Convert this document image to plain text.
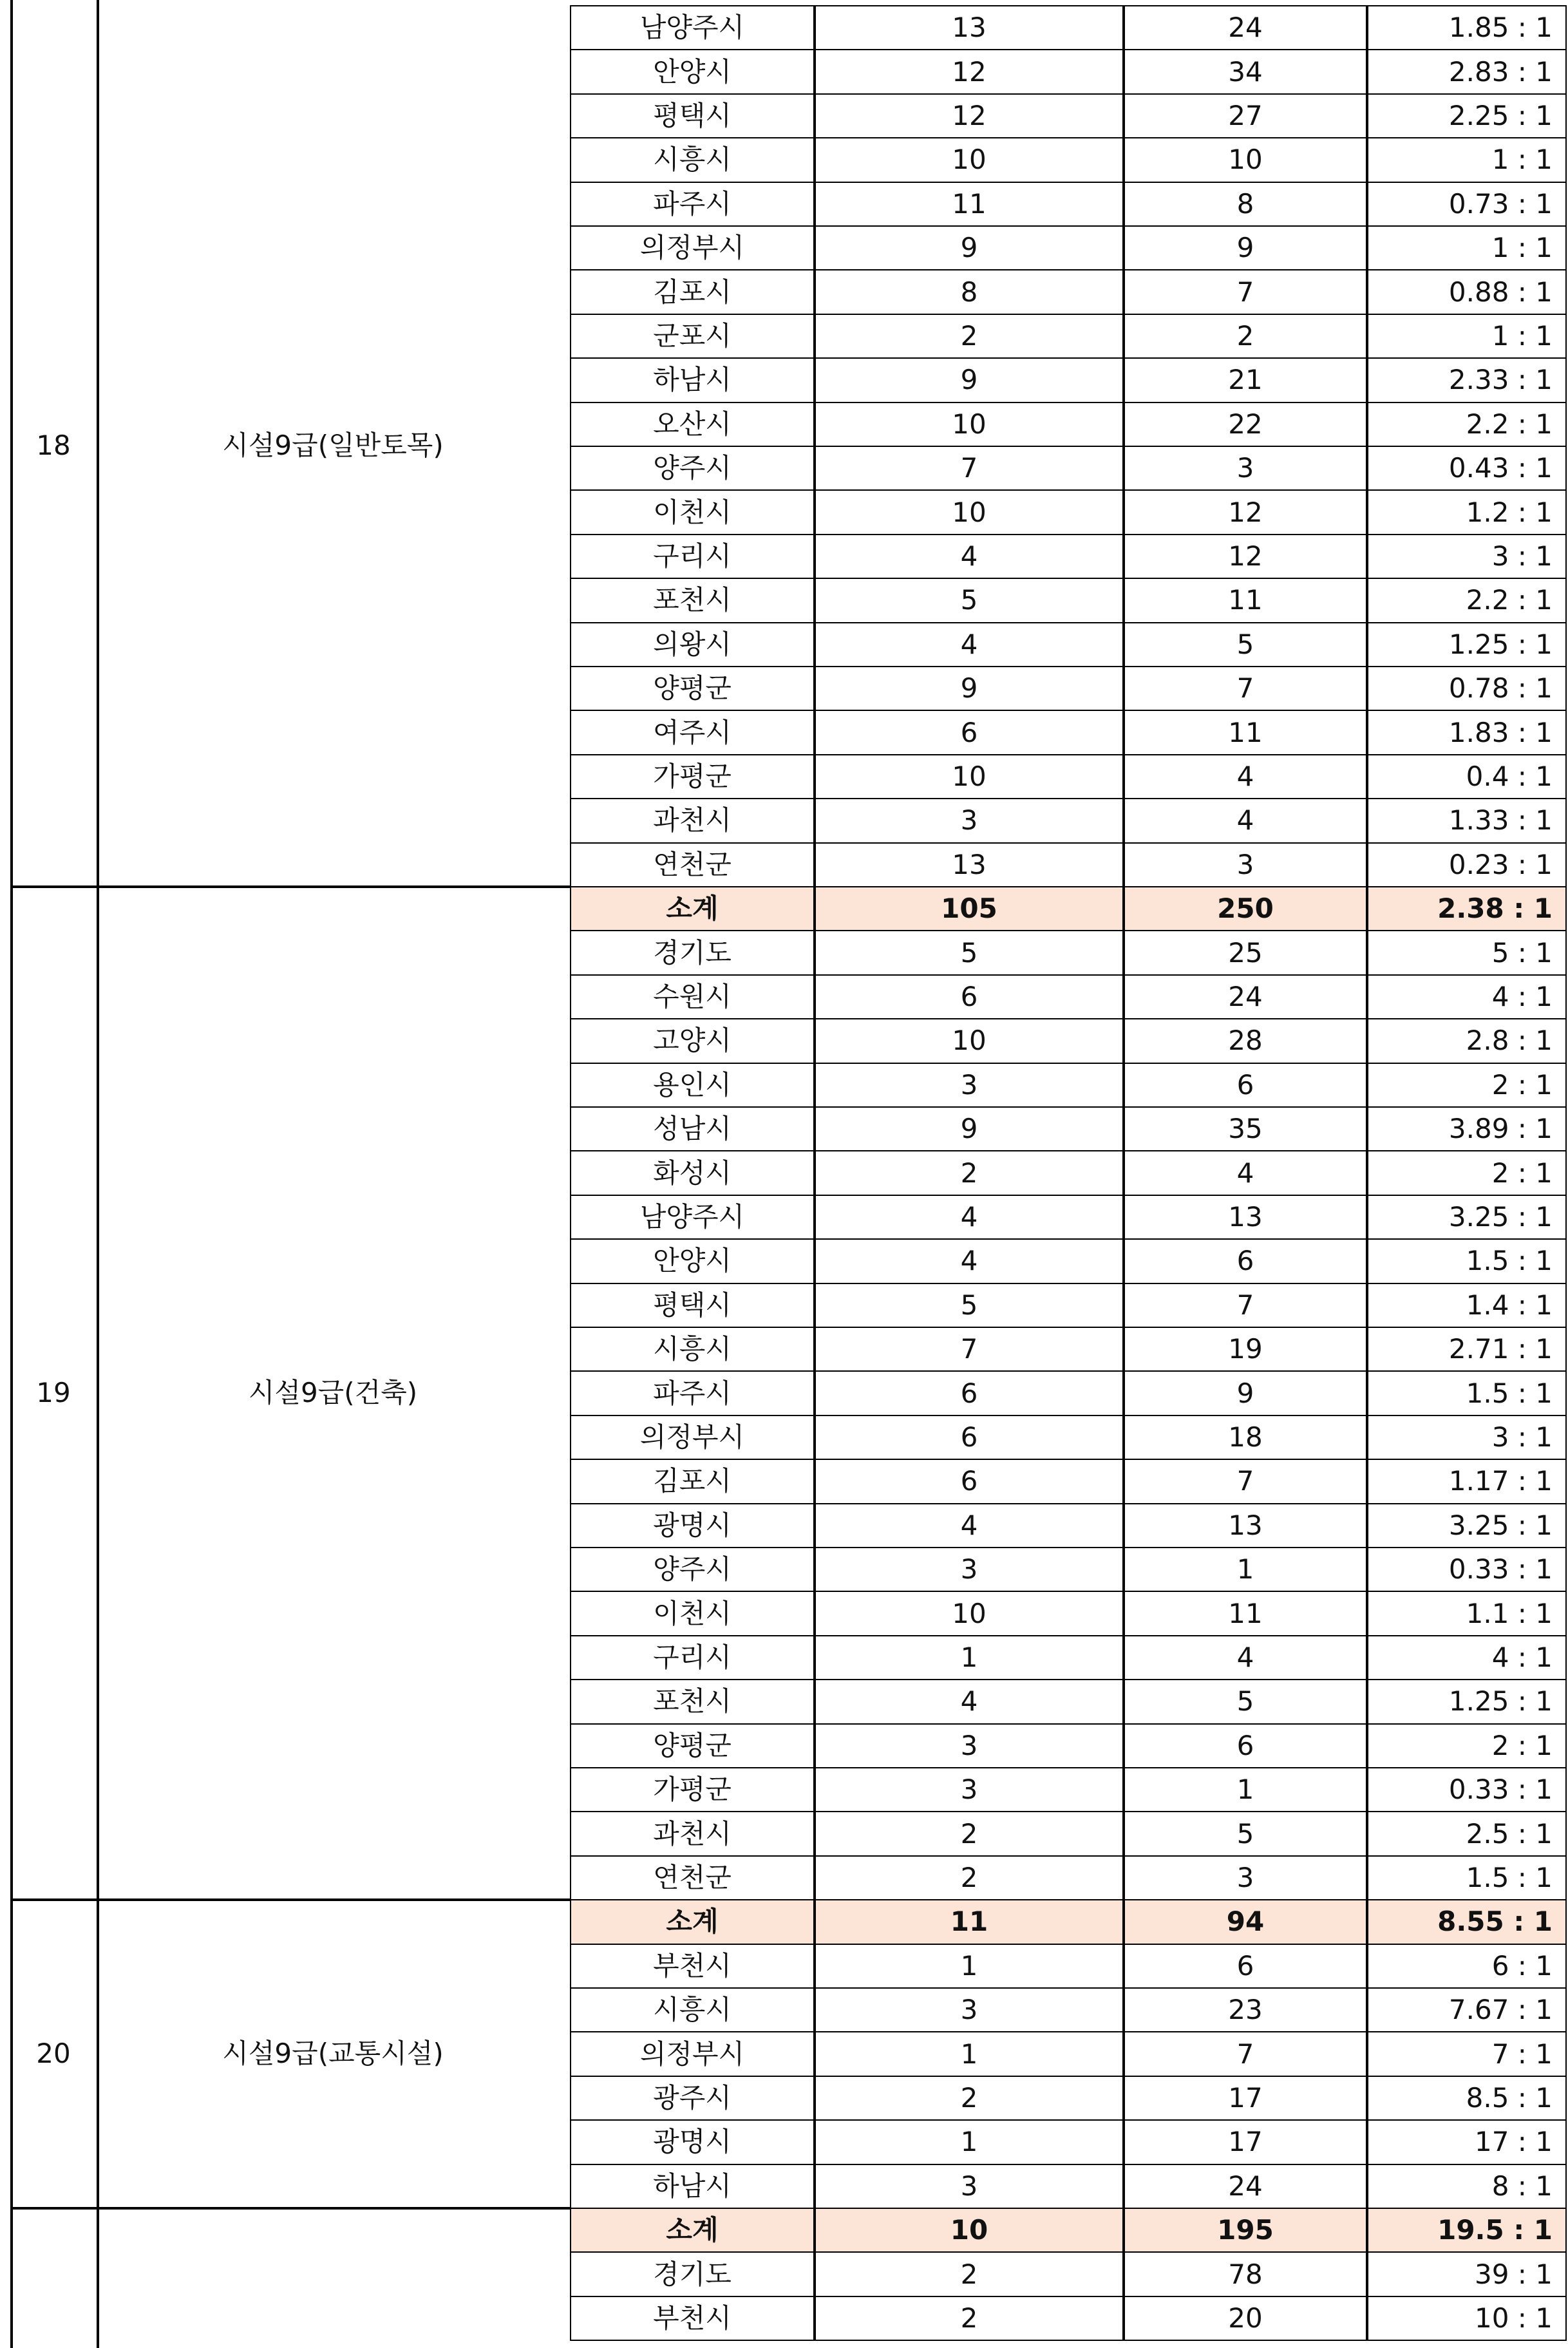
남양주시	13	24	1.85 : 1
안양시	12	34	2.83 : 1
평택시	12	27	2.25 : 1
시흥시	10	10	1 : 1
파주시	11	8	0.73 : 1
의정부시	9	9	1 : 1
김포시	8	7	0.88 : 1
군포시	2	2	1 : 1
하남시	9	21	2.33 : 1
오산시	10	22	2.2 : 1
양주시	7	3	0.43 : 1
이천시	10	12	1.2 : 1
구리시	4	12	3 : 1
포천시	5	11	2.2 : 1
의왕시	4	5	1.25 : 1
양평군	9	7	0.78 : 1
여주시	6	11	1.83 : 1
가평군	10	4	0.4 : 1
과천시	3	4	1.33 : 1
연천군	13	3	0.23 : 1
18	시설9급(일반토목)
소계	105	250	2.38 : 1
경기도	5	25	5 : 1
수원시	6	24	4 : 1
고양시	10	28	2.8 : 1
용인시	3	6	2 : 1
성남시	9	35	3.89 : 1
화성시	2	4	2 : 1
남양주시	4	13	3.25 : 1
안양시	4	6	1.5 : 1
평택시	5	7	1.4 : 1
시흥시	7	19	2.71 : 1
파주시	6	9	1.5 : 1
의정부시	6	18	3 : 1
김포시	6	7	1.17 : 1
광명시	4	13	3.25 : 1
양주시	3	1	0.33 : 1
이천시	10	11	1.1 : 1
구리시	1	4	4 : 1
포천시	4	5	1.25 : 1
양평군	3	6	2 : 1
가평군	3	1	0.33 : 1
과천시	2	5	2.5 : 1
연천군	2	3	1.5 : 1
19	시설9급(건축)
소계	11	94	8.55 : 1
부천시	1	6	6 : 1
시흥시	3	23	7.67 : 1
의정부시	1	7	7 : 1
광주시	2	17	8.5 : 1
광명시	1	17	17 : 1
하남시	3	24	8 : 1
20	시설9급(교통시설)
소계	10	195	19.5 : 1
경기도	2	78	39 : 1
부천시	2	20	10 : 1
